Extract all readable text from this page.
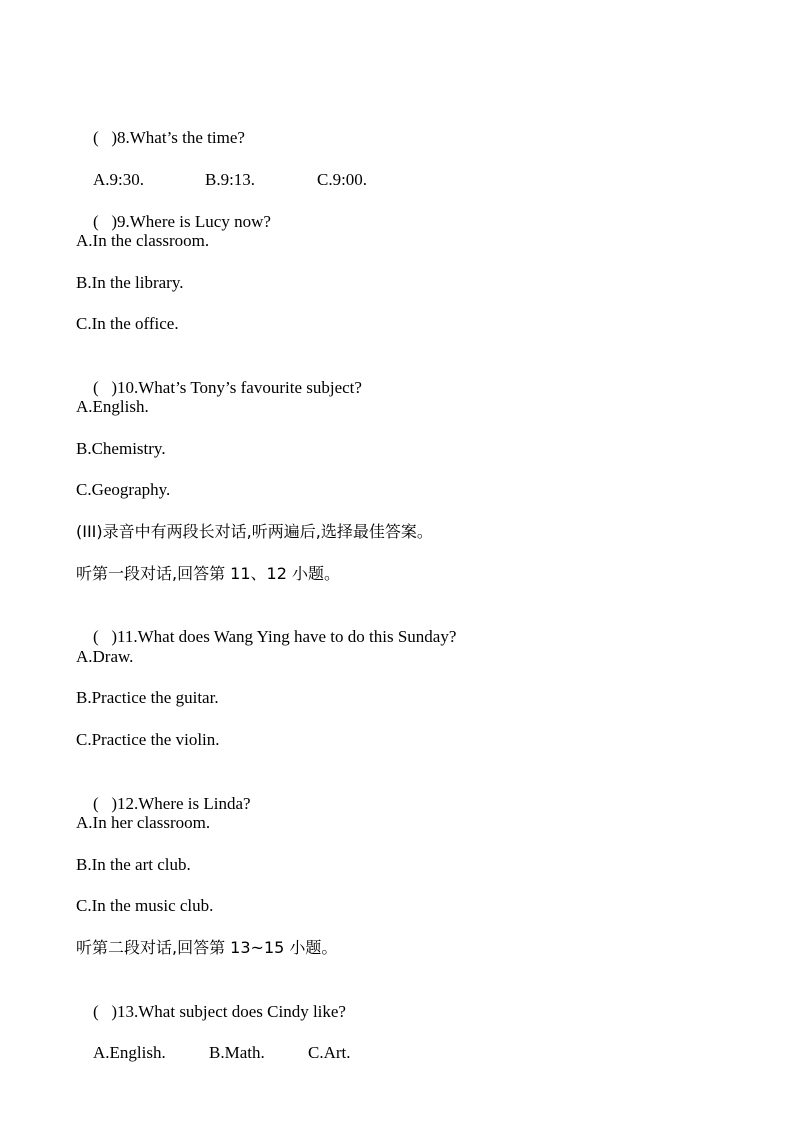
(   )8.What’s the time?

A.9:30.	B.9:13.	C.9:00.

(   )9.Where is Lucy now?

A.In the classroom.
B.In the library.
C.In the office.

(   )10.What’s Tony’s favourite subject?

A.English.
B.Chemistry.
C.Geography.
(III)录音中有两段长对话,听两遍后,选择最佳答案。
听第一段对话,回答第 11、12 小题。

(   )11.What does Wang Ying have to do this Sunday?

A.Draw.
B.Practice the guitar.
C.Practice the violin.

(   )12.Where is Linda?

A.In her classroom.
B.In the art club.
C.In the music club.
听第二段对话,回答第 13~15 小题。

(   )13.What subject does Cindy like?

A.English.	B.Math.	C.Art.
